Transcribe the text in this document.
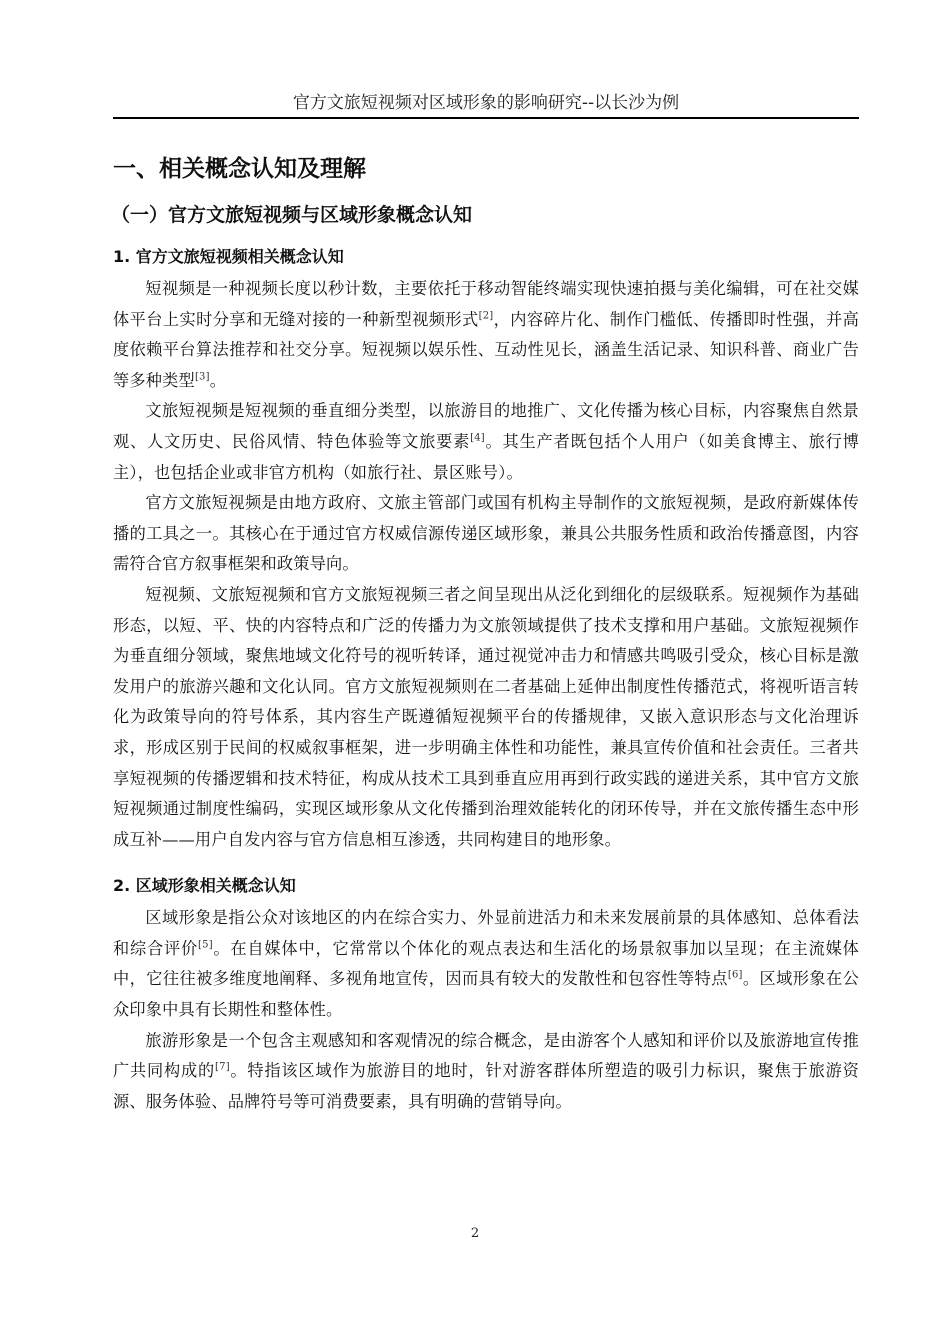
官方文旅短视频对区域形象的影响研究--以长沙为例
一、相关概念认知及理解
（一）官方文旅短视频与区域形象概念认知
1. 官方文旅短视频相关概念认知

短视频是一种视频长度以秒计数，主要依托于移动智能终端实现快速拍摄与美化编辑，可在社交媒体平台上实时分享和无缝对接的一种新型视频形式[2]，内容碎片化、制作门槛低、传播即时性强，并高度依赖平台算法推荐和社交分享。短视频以娱乐性、互动性见长，涵盖生活记录、知识科普、商业广告等多种类型[3]。

文旅短视频是短视频的垂直细分类型，以旅游目的地推广、文化传播为核心目标，内容聚焦自然景观、人文历史、民俗风情、特色体验等文旅要素[4]。其生产者既包括个人用户（如美食博主、旅行博主），也包括企业或非官方机构（如旅行社、景区账号）。

官方文旅短视频是由地方政府、文旅主管部门或国有机构主导制作的文旅短视频，是政府新媒体传播的工具之一。其核心在于通过官方权威信源传递区域形象，兼具公共服务性质和政治传播意图，内容需符合官方叙事框架和政策导向。

短视频、文旅短视频和官方文旅短视频三者之间呈现出从泛化到细化的层级联系。短视频作为基础形态，以短、平、快的内容特点和广泛的传播力为文旅领域提供了技术支撑和用户基础。文旅短视频作为垂直细分领域，聚焦地域文化符号的视听转译，通过视觉冲击力和情感共鸣吸引受众，核心目标是激发用户的旅游兴趣和文化认同。官方文旅短视频则在二者基础上延伸出制度性传播范式，将视听语言转化为政策导向的符号体系，其内容生产既遵循短视频平台的传播规律，又嵌入意识形态与文化治理诉求，形成区别于民间的权威叙事框架，进一步明确主体性和功能性，兼具宣传价值和社会责任。三者共享短视频的传播逻辑和技术特征，构成从技术工具到垂直应用再到行政实践的递进关系，其中官方文旅短视频通过制度性编码，实现区域形象从文化传播到治理效能转化的闭环传导，并在文旅传播生态中形成互补——用户自发内容与官方信息相互渗透，共同构建目的地形象。

2. 区域形象相关概念认知

区域形象是指公众对该地区的内在综合实力、外显前进活力和未来发展前景的具体感知、总体看法和综合评价[5]。在自媒体中，它常常以个体化的观点表达和生活化的场景叙事加以呈现；在主流媒体中，它往往被多维度地阐释、多视角地宣传，因而具有较大的发散性和包容性等特点[6]。区域形象在公众印象中具有长期性和整体性。

旅游形象是一个包含主观感知和客观情况的综合概念，是由游客个人感知和评价以及旅游地宣传推广共同构成的[7]。特指该区域作为旅游目的地时，针对游客群体所塑造的吸引力标识，聚焦于旅游资源、服务体验、品牌符号等可消费要素，具有明确的营销导向。

2
